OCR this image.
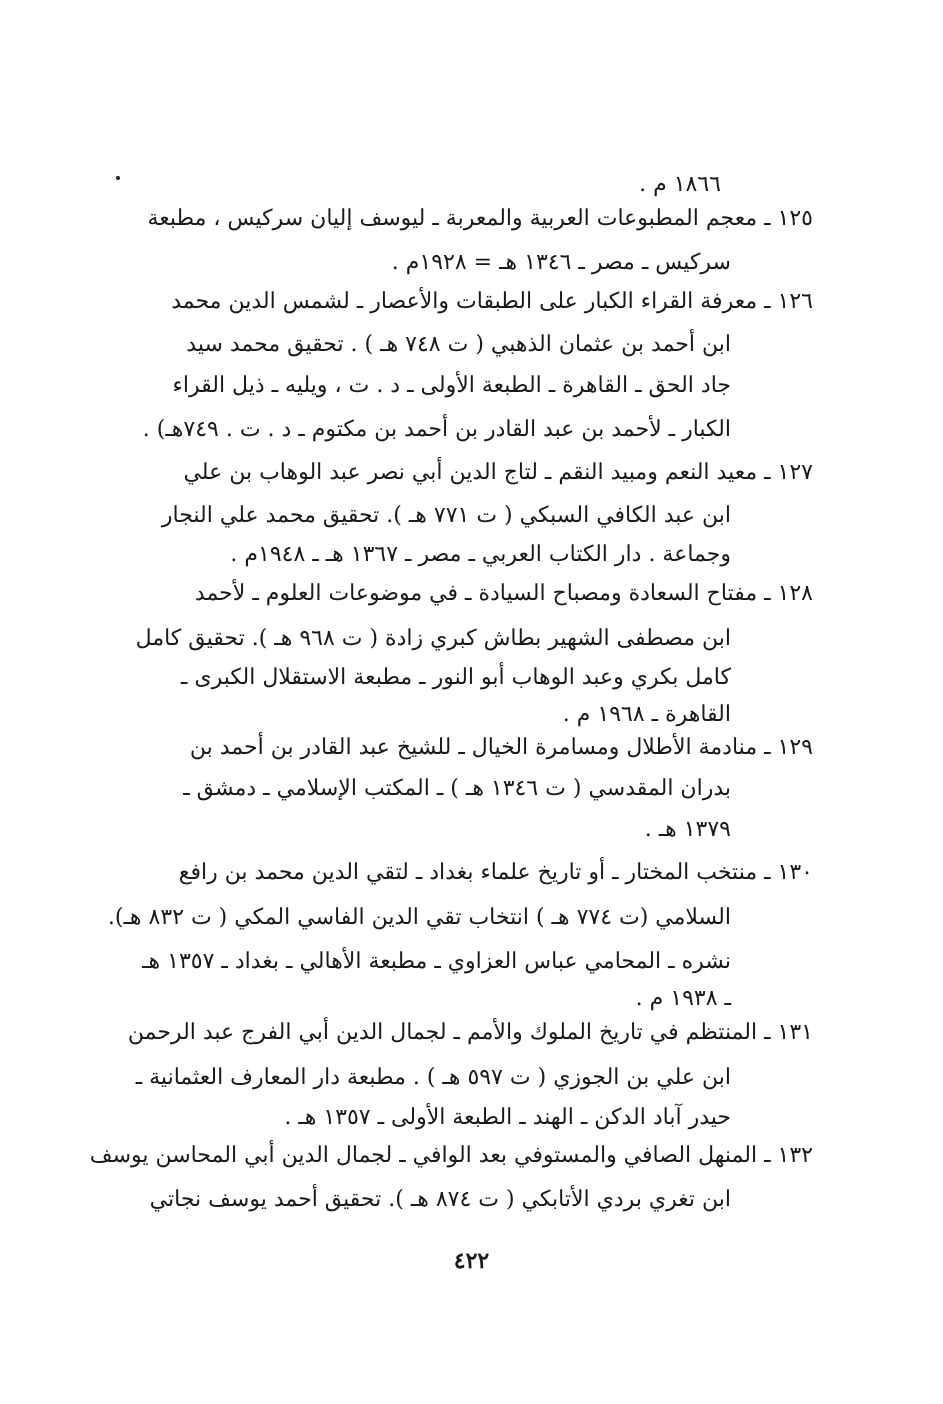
١٨٦٦ م .
١٢٥ ـ معجم المطبوعات العربية والمعربة ـ ليوسف إليان سركيس ، مطبعة
سركيس ـ مصر ـ ١٣٤٦ هـ = ١٩٢٨م .
١٢٦ ـ معرفة القراء الكبار على الطبقات والأعصار ـ لشمس الدين محمد
ابن أحمد بن عثمان الذهبي ( ت ٧٤٨ هـ ) . تحقيق محمد سيد
جاد الحق ـ القاهرة ـ الطبعة الأولى ـ د . ت ، ويليه ـ ذيل القراء
الكبار ـ لأحمد بن عبد القادر بن أحمد بن مكتوم ـ د . ت . ٧٤٩هـ) .
١٢٧ ـ معيد النعم ومبيد النقم ـ لتاج الدين أبي نصر عبد الوهاب بن علي
ابن عبد الكافي السبكي ( ت ٧٧١ هـ ). تحقيق محمد علي النجار
وجماعة . دار الكتاب العربي ـ مصر ـ ١٣٦٧ هـ ـ ١٩٤٨م .
١٢٨ ـ مفتاح السعادة ومصباح السيادة ـ في موضوعات العلوم ـ لأحمد
ابن مصطفى الشهير بطاش كبري زادة ( ت ٩٦٨ هـ ). تحقيق كامل
كامل بكري وعبد الوهاب أبو النور ـ مطبعة الاستقلال الكبرى ـ
القاهرة ـ ١٩٦٨ م .
١٢٩ ـ منادمة الأطلال ومسامرة الخيال ـ للشيخ عبد القادر بن أحمد بن
بدران المقدسي ( ت ١٣٤٦ هـ ) ـ المكتب الإسلامي ـ دمشق ـ
١٣٧٩ هـ .
١٣٠ ـ منتخب المختار ـ أو تاريخ علماء بغداد ـ لتقي الدين محمد بن رافع
السلامي (ت ٧٧٤ هـ ) انتخاب تقي الدين الفاسي المكي ( ت ٨٣٢ هـ).
نشره ـ المحامي عباس العزاوي ـ مطبعة الأهالي ـ بغداد ـ ١٣٥٧ هـ
ـ ١٩٣٨ م .
١٣١ ـ المنتظم في تاريخ الملوك والأمم ـ لجمال الدين أبي الفرج عبد الرحمن
ابن علي بن الجوزي ( ت ٥٩٧ هـ ) . مطبعة دار المعارف العثمانية ـ
حيدر آباد الدكن ـ الهند ـ الطبعة الأولى ـ ١٣٥٧ هـ .
١٣٢ ـ المنهل الصافي والمستوفي بعد الوافي ـ لجمال الدين أبي المحاسن يوسف
ابن تغري بردي الأتابكي ( ت ٨٧٤ هـ ). تحقيق أحمد يوسف نجاتي
٤٢٢
